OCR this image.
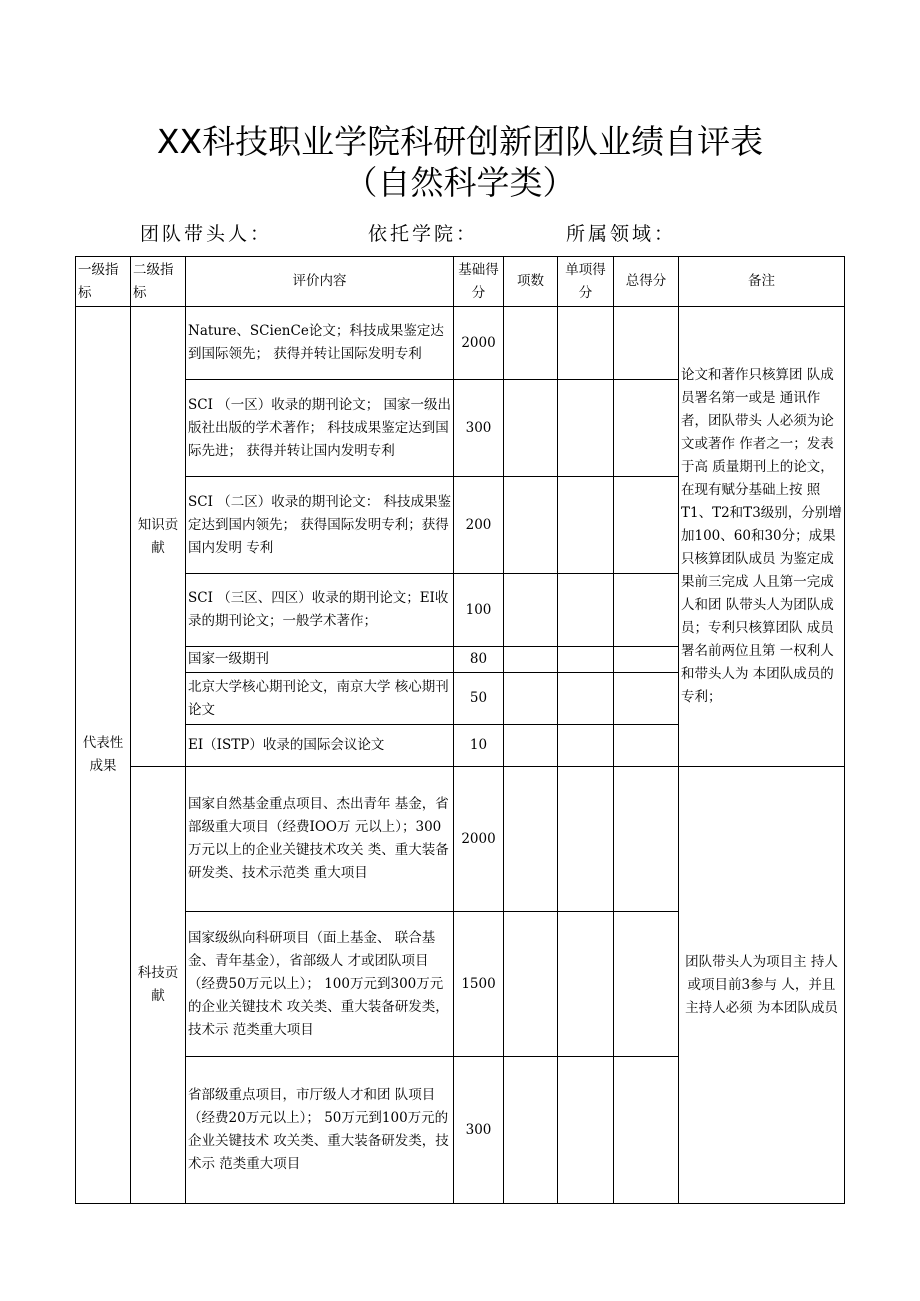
XX科技职业学院科研创新团队业绩自评表
（自然科学类）
团队带头人：	依托学院：	所属领域：
一级指标	二级指标	评价内容	基础得分	项数	单项得分	总得分	备注
代表性成果	知识贡献	Nature、SCienCe论文；科技成果鉴定达到国际领先； 获得并转让国际发明专利	2000				论文和著作只核算团 队成员署名第一或是 通讯作者，团队带头 人必须为论文或著作 作者之一；发表于高 质量期刊上的论文， 在现有赋分基础上按 照T1、T2和T3级别，分别增加100、60和30分；成果只核算团队成员 为鉴定成果前三完成 人且第一完成人和团 队带头人为团队成 员；专利只核算团队 成员署名前两位且第 一权利人和带头人为 本团队成员的专利；
		SCI （一区）收录的期刊论文； 国家一级出版社出版的学术著作； 科技成果鉴定达到国际先进； 获得并转让国内发明专利	300				
		SCI （二区）收录的期刊论文： 科技成果鉴定达到国内领先； 获得国际发明专利；获得国内发明 专利	200				
		SCI （三区、四区）收录的期刊论文；EI收录的期刊论文；一般学术著作；	100				
		国家一级期刊	80				
		北京大学核心期刊论文，南京大学 核心期刊论文	50				
		EI（ISTP）收录的国际会议论文	10				
	科技贡献	国家自然基金重点项目、杰出青年 基金，省部级重大项目（经费IOO万 元以上）；300万元以上的企业关键技术攻关 类、重大装备研发类、技术示范类 重大项目	2000				团队带头人为项目主 持人或项目前3参与 人，并且主持人必须 为本团队成员
		国家级纵向科研项目（面上基金、 联合基金、青年基金），省部级人 才或团队项目（经费50万元以上）； 100万元到300万元的企业关键技术 攻关类、重大装备研发类，技术示 范类重大项目	1500				
		省部级重点项目，市厅级人才和团 队项目（经费20万元以上）； 50万元到100万元的企业关键技术 攻关类、重大装备研发类，技术示 范类重大项目	300				
